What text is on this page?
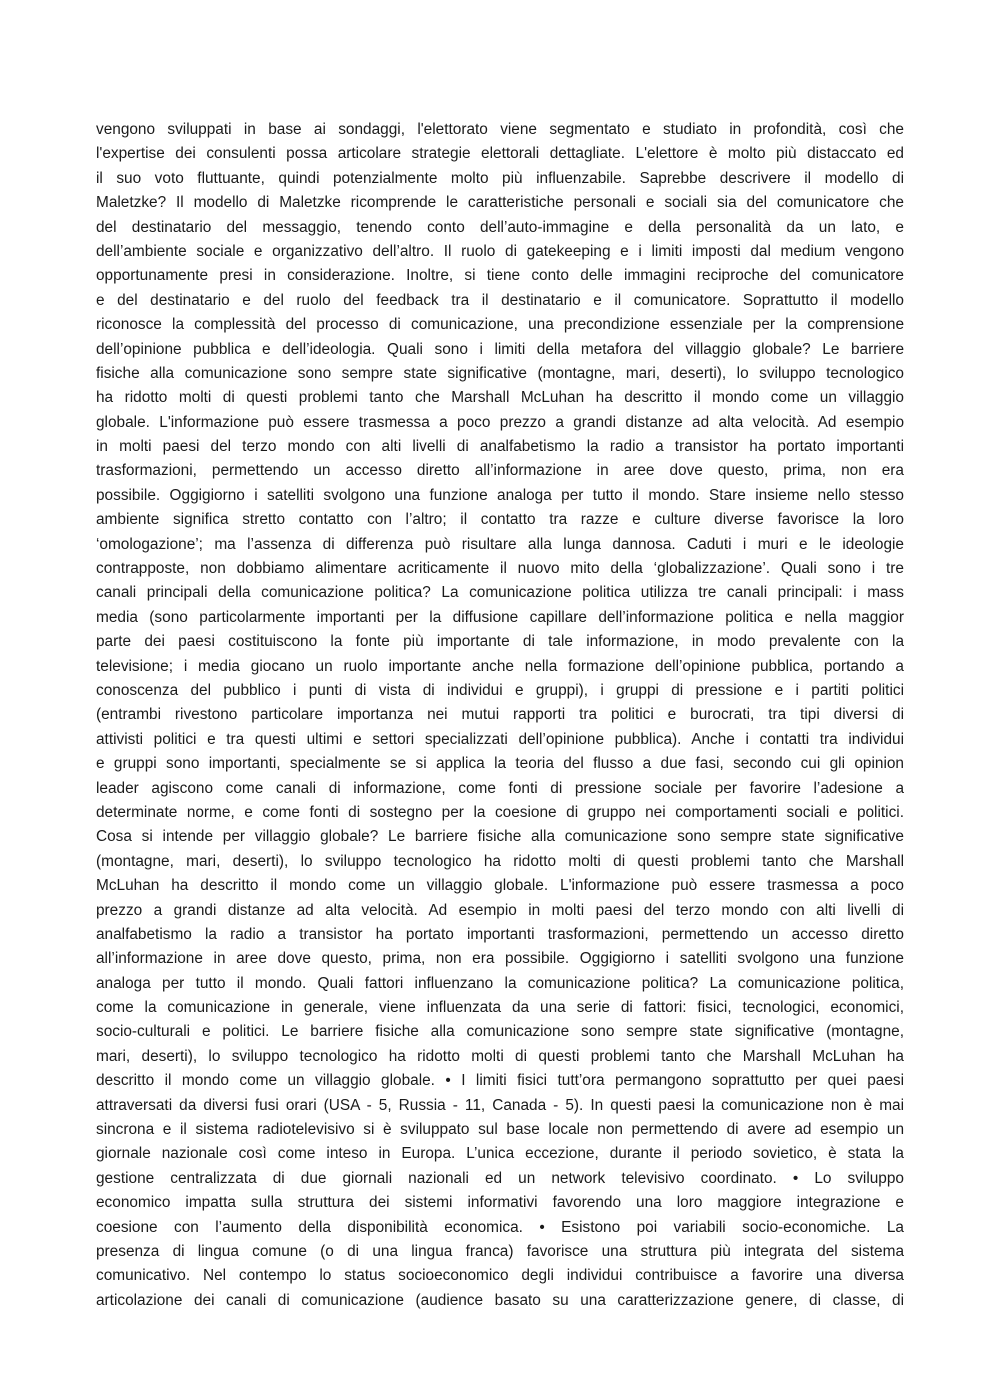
vengono sviluppati in base ai sondaggi, l'elettorato viene segmentato e studiato in profondità, così che
l'expertise dei consulenti possa articolare strategie elettorali dettagliate. L'elettore è molto più distaccato ed
il suo voto fluttuante, quindi potenzialmente molto più influenzabile. Saprebbe descrivere il modello di
Maletzke? Il modello di Maletzke ricomprende le caratteristiche personali e sociali sia del comunicatore che
del destinatario del messaggio, tenendo conto dell’auto-immagine e della personalità da un lato, e
dell’ambiente sociale e organizzativo dell’altro. Il ruolo di gatekeeping e i limiti imposti dal medium vengono
opportunamente presi in considerazione. Inoltre, si tiene conto delle immagini reciproche del comunicatore
e del destinatario e del ruolo del feedback tra il destinatario e il comunicatore. Soprattutto il modello
riconosce la complessità del processo di comunicazione, una precondizione essenziale per la comprensione
dell’opinione pubblica e dell’ideologia. Quali sono i limiti della metafora del villaggio globale? Le barriere
fisiche alla comunicazione sono sempre state significative (montagne, mari, deserti), lo sviluppo tecnologico
ha ridotto molti di questi problemi tanto che Marshall McLuhan ha descritto il mondo come un villaggio
globale. L'informazione può essere trasmessa a poco prezzo a grandi distanze ad alta velocità. Ad esempio
in molti paesi del terzo mondo con alti livelli di analfabetismo la radio a transistor ha portato importanti
trasformazioni, permettendo un accesso diretto all’informazione in aree dove questo, prima, non era
possibile. Oggigiorno i satelliti svolgono una funzione analoga per tutto il mondo. Stare insieme nello stesso
ambiente significa stretto contatto con l’altro; il contatto tra razze e culture diverse favorisce la loro
‘omologazione’; ma l’assenza di differenza può risultare alla lunga dannosa. Caduti i muri e le ideologie
contrapposte, non dobbiamo alimentare acriticamente il nuovo mito della ‘globalizzazione’. Quali sono i tre
canali principali della comunicazione politica? La comunicazione politica utilizza tre canali principali: i mass
media (sono particolarmente importanti per la diffusione capillare dell’informazione politica e nella maggior
parte dei paesi costituiscono la fonte più importante di tale informazione, in modo prevalente con la
televisione; i media giocano un ruolo importante anche nella formazione dell’opinione pubblica, portando a
conoscenza del pubblico i punti di vista di individui e gruppi), i gruppi di pressione e i partiti politici
(entrambi rivestono particolare importanza nei mutui rapporti tra politici e burocrati, tra tipi diversi di
attivisti politici e tra questi ultimi e settori specializzati dell’opinione pubblica). Anche i contatti tra individui
e gruppi sono importanti, specialmente se si applica la teoria del flusso a due fasi, secondo cui gli opinion
leader agiscono come canali di informazione, come fonti di pressione sociale per favorire l’adesione a
determinate norme, e come fonti di sostegno per la coesione di gruppo nei comportamenti sociali e politici.
Cosa si intende per villaggio globale? Le barriere fisiche alla comunicazione sono sempre state significative
(montagne, mari, deserti), lo sviluppo tecnologico ha ridotto molti di questi problemi tanto che Marshall
McLuhan ha descritto il mondo come un villaggio globale. L'informazione può essere trasmessa a poco
prezzo a grandi distanze ad alta velocità. Ad esempio in molti paesi del terzo mondo con alti livelli di
analfabetismo la radio a transistor ha portato importanti trasformazioni, permettendo un accesso diretto
all’informazione in aree dove questo, prima, non era possibile. Oggigiorno i satelliti svolgono una funzione
analoga per tutto il mondo. Quali fattori influenzano la comunicazione politica? La comunicazione politica,
come la comunicazione in generale, viene influenzata da una serie di fattori: fisici, tecnologici, economici,
socio-culturali e politici. Le barriere fisiche alla comunicazione sono sempre state significative (montagne,
mari, deserti), lo sviluppo tecnologico ha ridotto molti di questi problemi tanto che Marshall McLuhan ha
descritto il mondo come un villaggio globale. • I limiti fisici tutt’ora permangono soprattutto per quei paesi
attraversati da diversi fusi orari (USA - 5, Russia - 11, Canada - 5). In questi paesi la comunicazione non è mai
sincrona e il sistema radiotelevisivo si è sviluppato sul base locale non permettendo di avere ad esempio un
giornale nazionale così come inteso in Europa. L’unica eccezione, durante il periodo sovietico, è stata la
gestione centralizzata di due giornali nazionali ed un network televisivo coordinato. • Lo sviluppo
economico impatta sulla struttura dei sistemi informativi favorendo una loro maggiore integrazione e
coesione con l’aumento della disponibilità economica. • Esistono poi variabili socio-economiche. La
presenza di lingua comune (o di una lingua franca) favorisce una struttura più integrata del sistema
comunicativo. Nel contempo lo status socioeconomico degli individui contribuisce a favorire una diversa
articolazione dei canali di comunicazione (audience basato su una caratterizzazione genere, di classe, di
